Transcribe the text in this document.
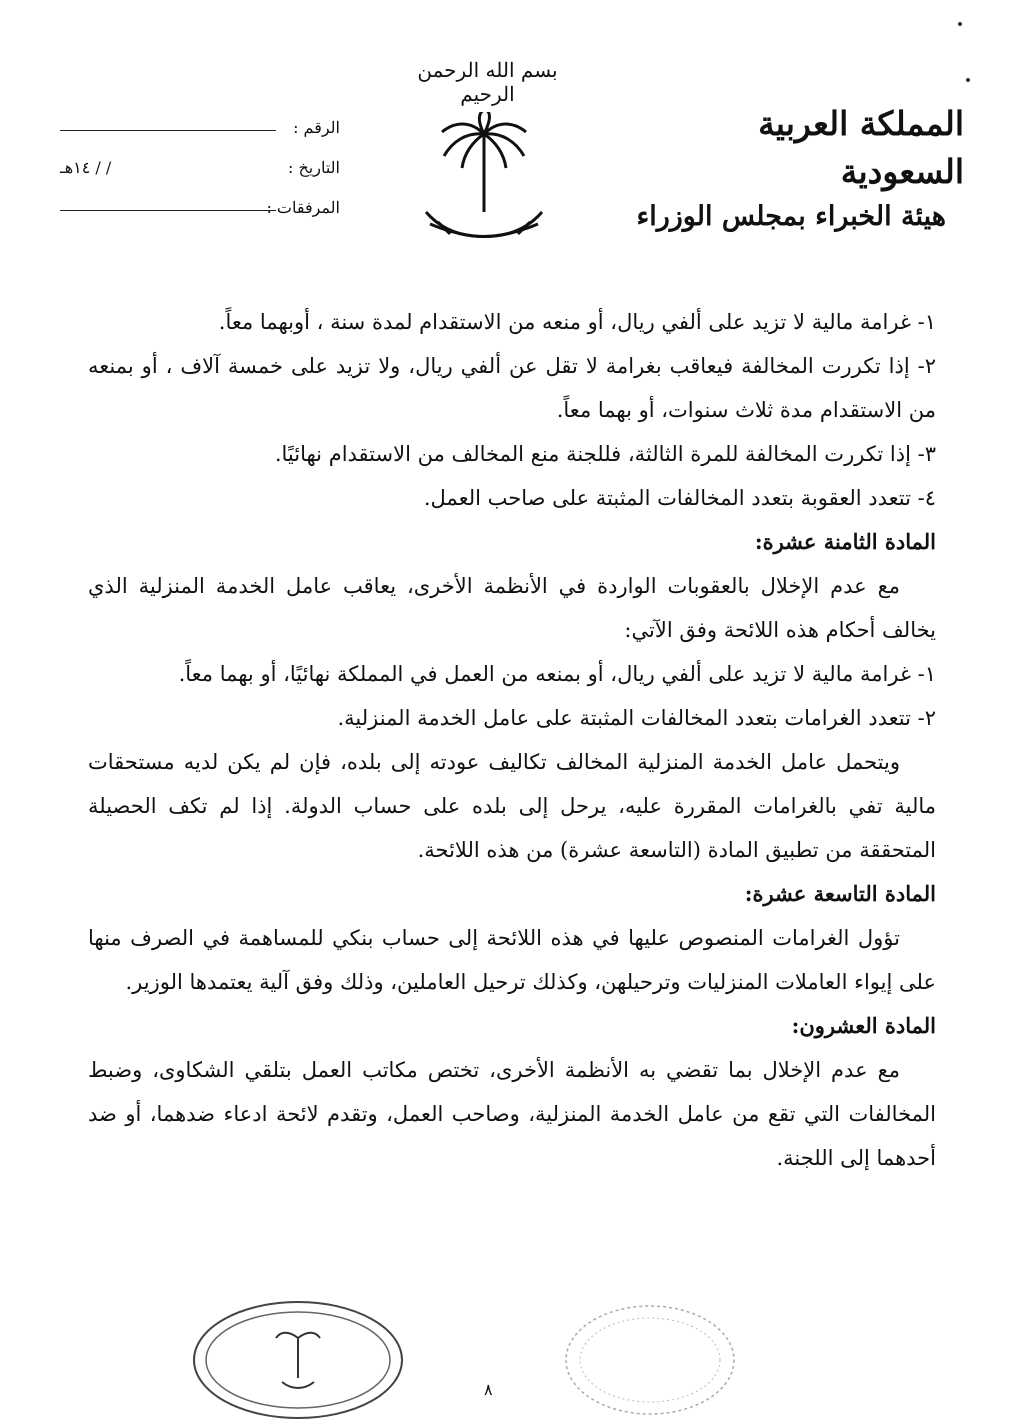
بسم الله الرحمن الرحيم
المملكة العربية السعودية
هيئة الخبراء بمجلس الوزراء
الرقم :
التاريخ :
/ / ١٤هـ
المرفقات :

١- غرامة مالية لا تزيد على ألفي ريال، أو منعه من الاستقدام لمدة سنة ، أوبهما معاً.

٢- إذا تكررت المخالفة فيعاقب بغرامة لا تقل عن ألفي ريال، ولا تزيد على خمسة آلاف ، أو بمنعه من الاستقدام مدة ثلاث سنوات، أو بهما معاً.

٣- إذا تكررت المخالفة للمرة الثالثة، فللجنة منع المخالف من الاستقدام نهائيًا.

٤- تتعدد العقوبة بتعدد المخالفات المثبتة على صاحب العمل.

المادة الثامنة عشرة:

مع عدم الإخلال بالعقوبات الواردة في الأنظمة الأخرى، يعاقب عامل الخدمة المنزلية الذي يخالف أحكام هذه اللائحة وفق الآتي:

١- غرامة مالية لا تزيد على ألفي ريال، أو بمنعه من العمل في المملكة نهائيًا، أو بهما معاً.

٢- تتعدد الغرامات بتعدد المخالفات المثبتة على عامل الخدمة المنزلية.

ويتحمل عامل الخدمة المنزلية المخالف تكاليف عودته إلى بلده، فإن لم يكن لديه مستحقات مالية تفي بالغرامات المقررة عليه، يرحل إلى بلده على حساب الدولة. إذا لم تكف الحصيلة المتحققة من تطبيق المادة (التاسعة عشرة) من هذه اللائحة.

المادة التاسعة عشرة:

تؤول الغرامات المنصوص عليها في هذه اللائحة إلى حساب بنكي للمساهمة في الصرف منها على إيواء العاملات المنزليات وترحيلهن، وكذلك ترحيل العاملين، وذلك وفق آلية يعتمدها الوزير.

المادة العشرون:

مع عدم الإخلال بما تقضي به الأنظمة الأخرى، تختص مكاتب العمل بتلقي الشكاوى، وضبط المخالفات التي تقع من عامل الخدمة المنزلية، وصاحب العمل، وتقدم لائحة ادعاء ضدهما، أو ضد أحدهما إلى اللجنة.

٨
